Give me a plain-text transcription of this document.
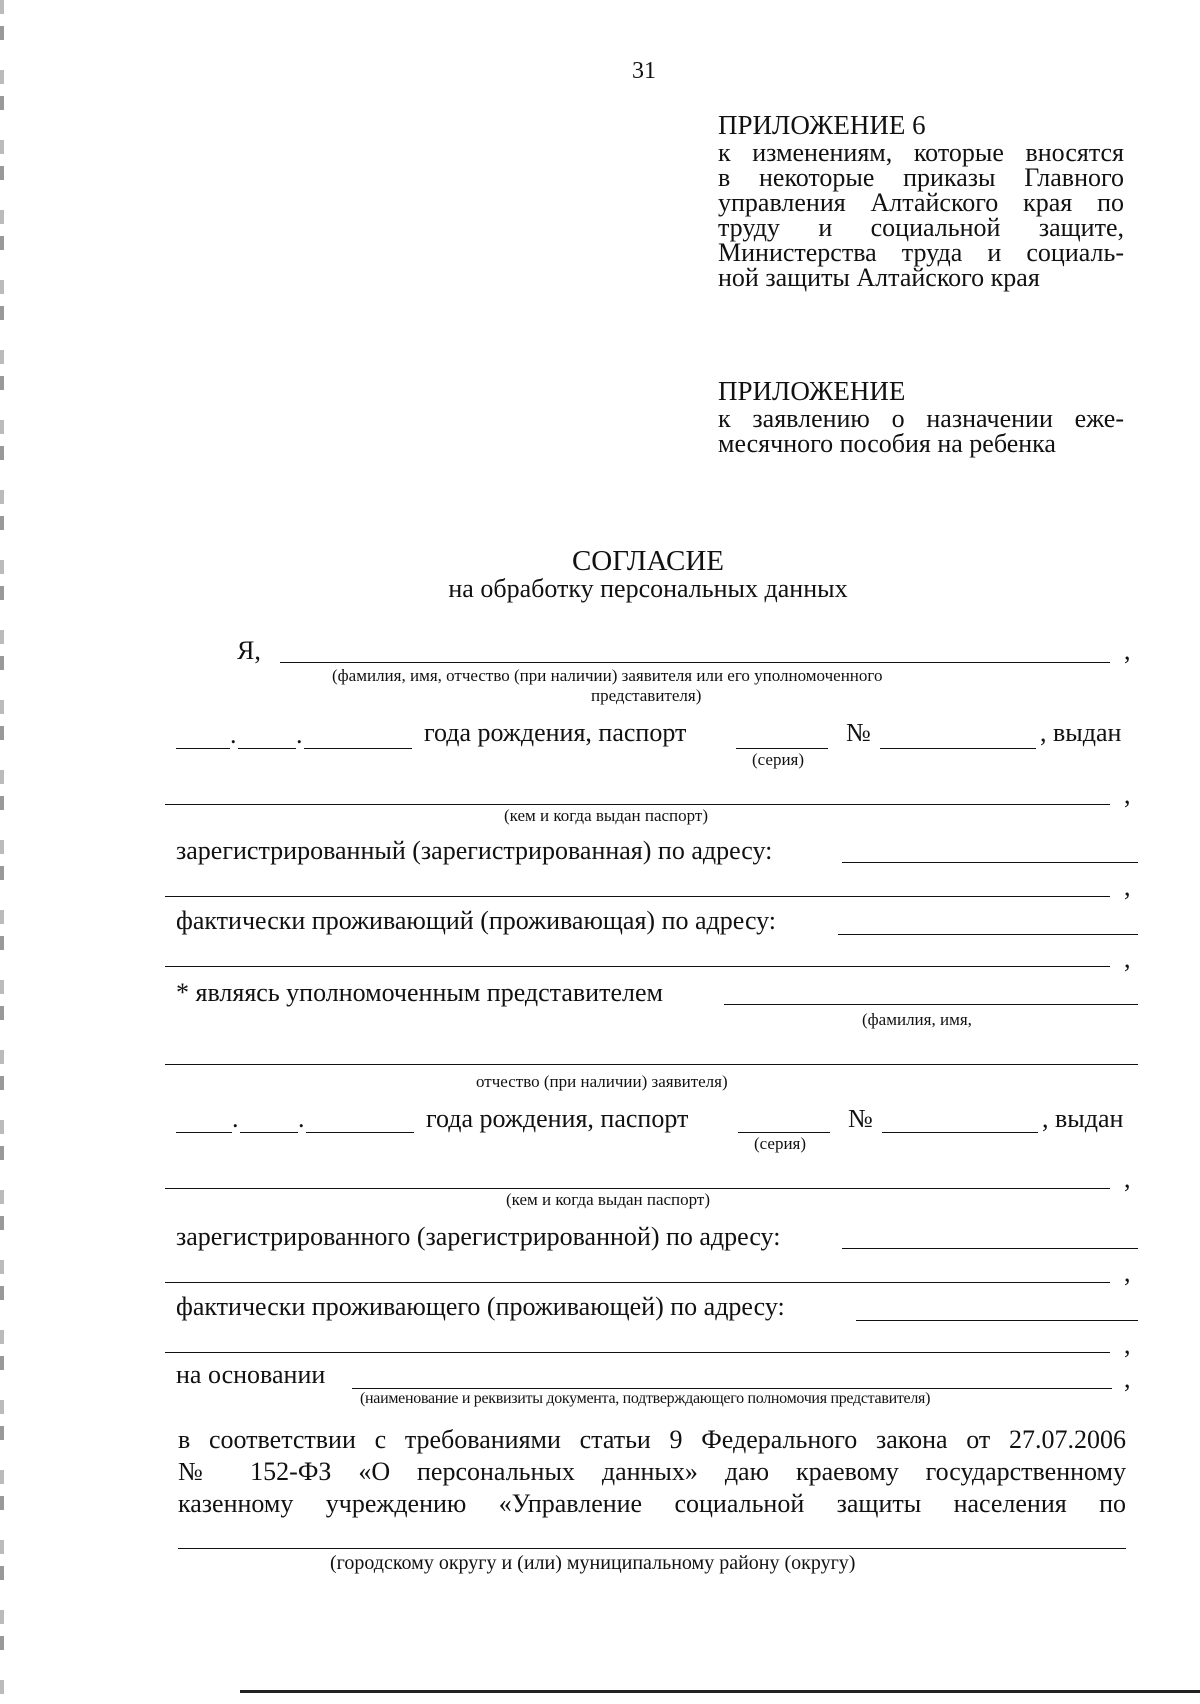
31
ПРИЛОЖЕНИЕ 6
к изменениям, которые вносятся
в некоторые приказы Главного
управления Алтайского края по
труду и социальной защите,
Министерства труда и социаль-
ной защиты Алтайского края
ПРИЛОЖЕНИЕ
к заявлению о назначении еже-
месячного пособия на ребенка
СОГЛАСИЕ
на обработку персональных данных
Я,	,
(фамилия, имя, отчество (при наличии) заявителя или его уполномоченного
представителя)
. .	года рождения, паспорт	№	, выдан
(серия)
,
(кем и когда выдан паспорт)
зарегистрированный (зарегистрированная) по адресу:
,
фактически проживающий (проживающая) по адресу:
,
* являясь уполномоченным представителем
(фамилия, имя,
отчество (при наличии) заявителя)
. .	года рождения, паспорт	№	, выдан
(серия)
,
(кем и когда выдан паспорт)
зарегистрированного (зарегистрированной) по адресу:
,
фактически проживающего (проживающей) по адресу:
,
на основании	,
(наименование и реквизиты документа, подтверждающего полномочия представителя)
в соответствии с требованиями статьи 9 Федерального закона от 27.07.2006
№ 152-ФЗ «О персональных данных» даю краевому государственному
казенному учреждению «Управление социальной защиты населения по
(городскому округу и (или) муниципальному району (округу)
